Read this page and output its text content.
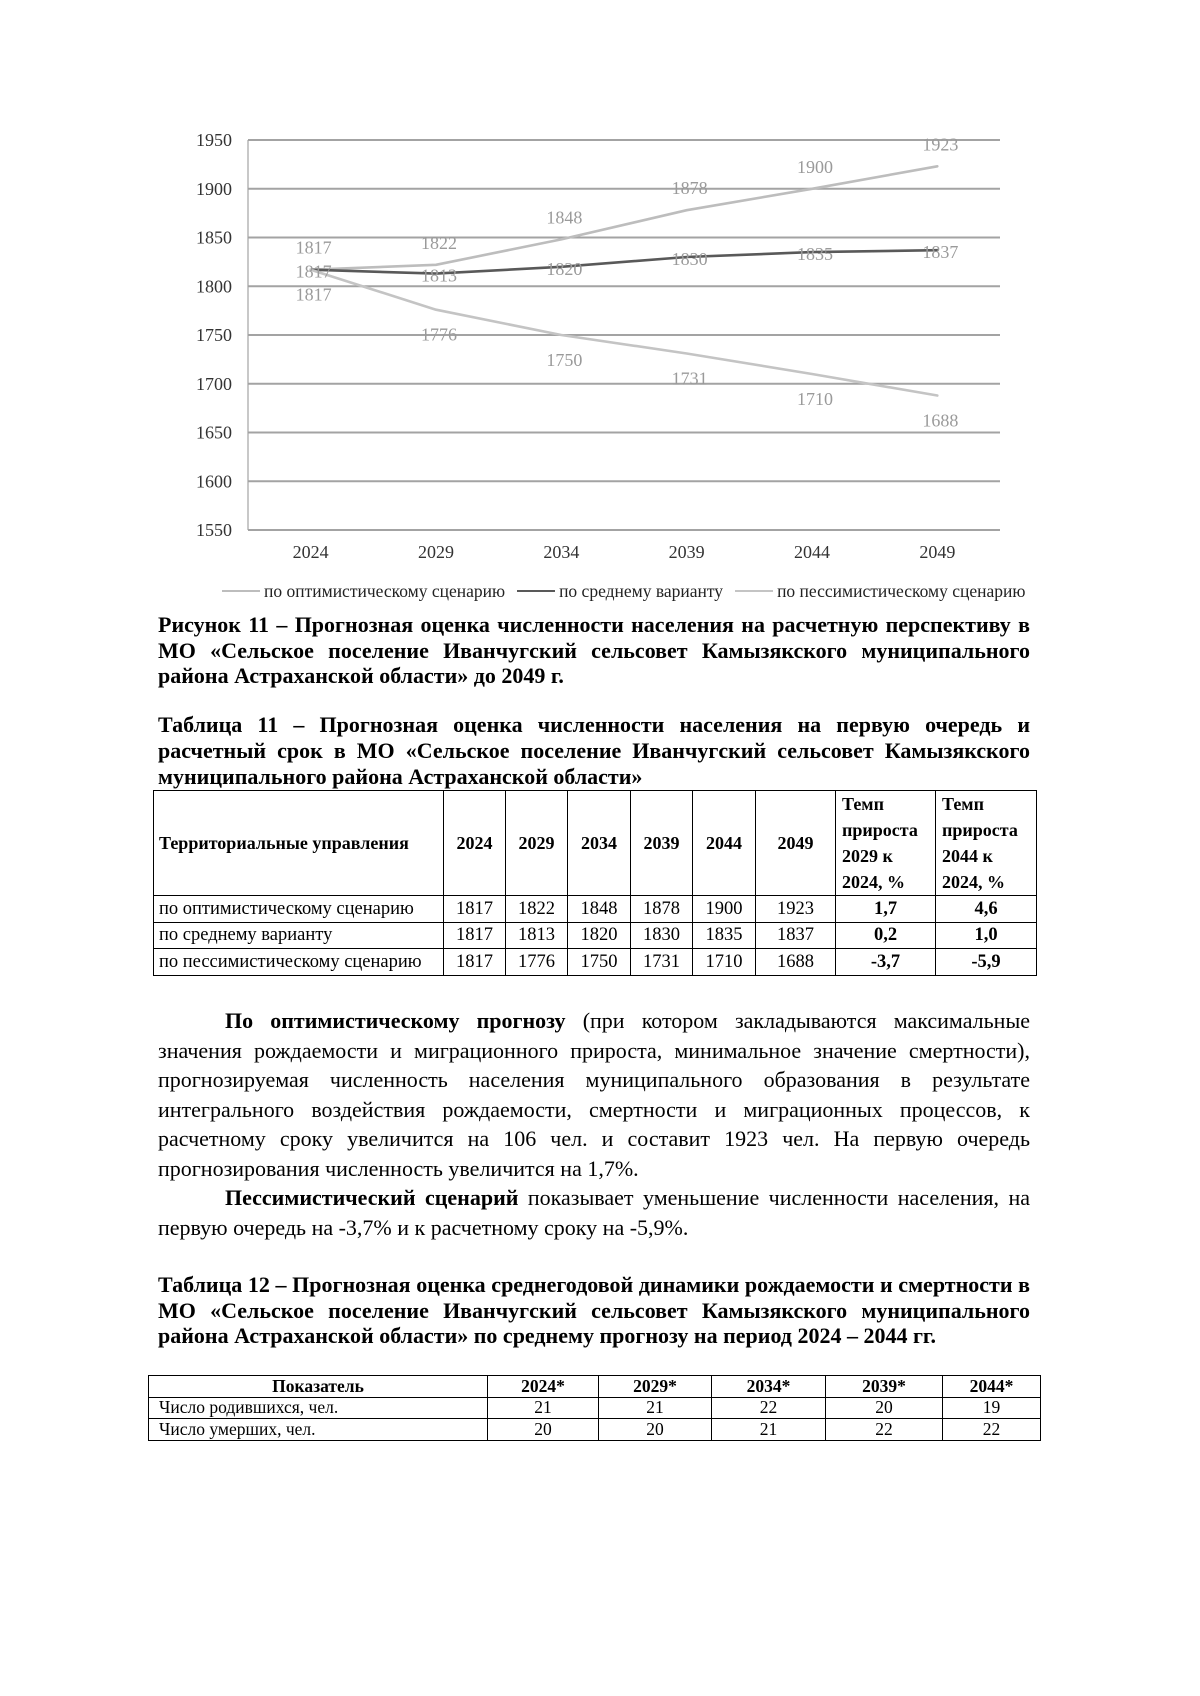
1550
1600
1650
1700
1750
1800
1850
1900
1950
2024	2029	2034	2039	2044	2049
1817	1822
1848
1878
1900
1923
1817	1813	1820	1830	1835	1837
1817
1776
1750
1731
1710
1688
по оптимистическому сценарию	по среднему варианту	по пессимистическому сценарию
Рисунок 11 – Прогнозная оценка численности населения на расчетную перспективу в МО «Сельское поселение Иванчугский сельсовет Камызякского муниципального района Астраханской области» до 2049 г.
Таблица 11 – Прогнозная оценка численности населения на первую очередь и расчетный срок в МО «Сельское поселение Иванчугский сельсовет Камызякского муниципального района Астраханской области»
Территориальные управления	2024	2029	2034	2039	2044	2049	Темп прироста 2029 к 2024, %	Темп прироста 2044 к 2024, %
по оптимистическому сценарию	1817	1822	1848	1878	1900	1923	1,7	4,6
по среднему варианту	1817	1813	1820	1830	1835	1837	0,2	1,0
по пессимистическому сценарию	1817	1776	1750	1731	1710	1688	-3,7	-5,9

По оптимистическому прогнозу (при котором закладываются максимальные значения рождаемости и миграционного прироста, минимальное значение смертности), прогнозируемая численность населения муниципального образования в результате интегрального воздействия рождаемости, смертности и миграционных процессов, к расчетному сроку увеличится на 106 чел. и составит 1923 чел. На первую очередь прогнозирования численность увеличится на 1,7%.

Пессимистический сценарий показывает уменьшение численности населения, на первую очередь на -3,7% и к расчетному сроку на -5,9%.

Таблица 12 – Прогнозная оценка среднегодовой динамики рождаемости и смертности в МО «Сельское поселение Иванчугский сельсовет Камызякского муниципального района Астраханской области» по среднему прогнозу на период 2024 – 2044 гг.
Показатель	2024*	2029*	2034*	2039*	2044*
Число родившихся, чел.	21	21	22	20	19
Число умерших, чел.	20	20	21	22	22
